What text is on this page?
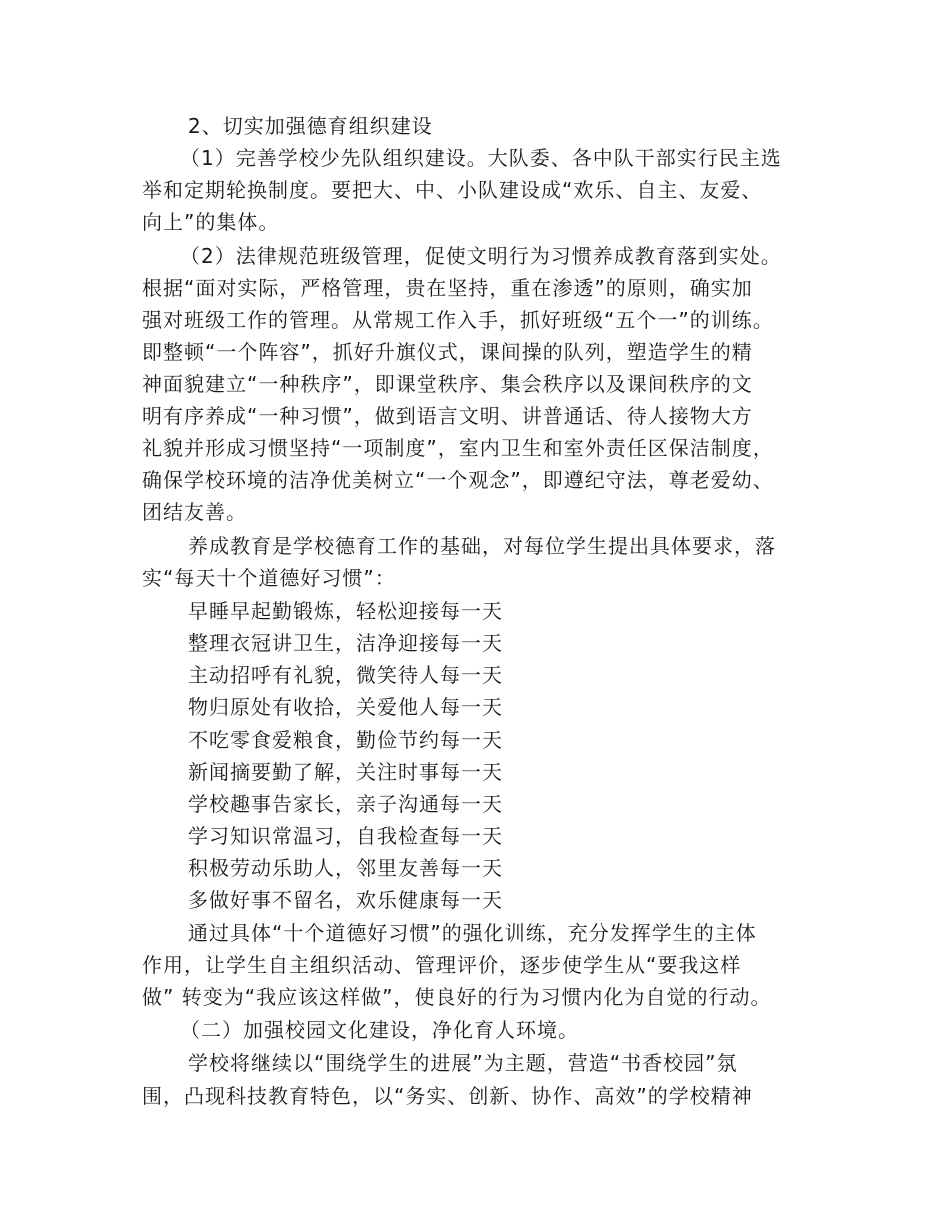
2、切实加强德育组织建设
（1）完善学校少先队组织建设。大队委、各中队干部实行民主选
举和定期轮换制度。要把大、中、小队建设成“欢乐、自主、友爱、
向上”的集体。
（2）法律规范班级管理，促使文明行为习惯养成教育落到实处。
根据“面对实际，严格管理，贵在坚持，重在渗透”的原则，确实加
强对班级工作的管理。从常规工作入手，抓好班级“五个一”的训练。
即整顿“一个阵容”，抓好升旗仪式，课间操的队列，塑造学生的精
神面貌建立“一种秩序”，即课堂秩序、集会秩序以及课间秩序的文
明有序养成“一种习惯”，做到语言文明、讲普通话、待人接物大方
礼貌并形成习惯坚持“一项制度”，室内卫生和室外责任区保洁制度，
确保学校环境的洁净优美树立“一个观念”，即遵纪守法，尊老爱幼、
团结友善。
养成教育是学校德育工作的基础，对每位学生提出具体要求，落
实“每天十个道德好习惯”：
早睡早起勤锻炼，轻松迎接每一天
整理衣冠讲卫生，洁净迎接每一天
主动招呼有礼貌，微笑待人每一天
物归原处有收拾，关爱他人每一天
不吃零食爱粮食，勤俭节约每一天
新闻摘要勤了解，关注时事每一天
学校趣事告家长，亲子沟通每一天
学习知识常温习，自我检查每一天
积极劳动乐助人，邻里友善每一天
多做好事不留名，欢乐健康每一天
通过具体“十个道德好习惯”的强化训练，充分发挥学生的主体
作用，让学生自主组织活动、管理评价，逐步使学生从“要我这样
做” 转变为“我应该这样做”，使良好的行为习惯内化为自觉的行动。
（二）加强校园文化建设，净化育人环境。
学校将继续以“围绕学生的进展”为主题，营造“书香校园”氛
围，凸现科技教育特色，以“务实、创新、协作、高效”的学校精神
